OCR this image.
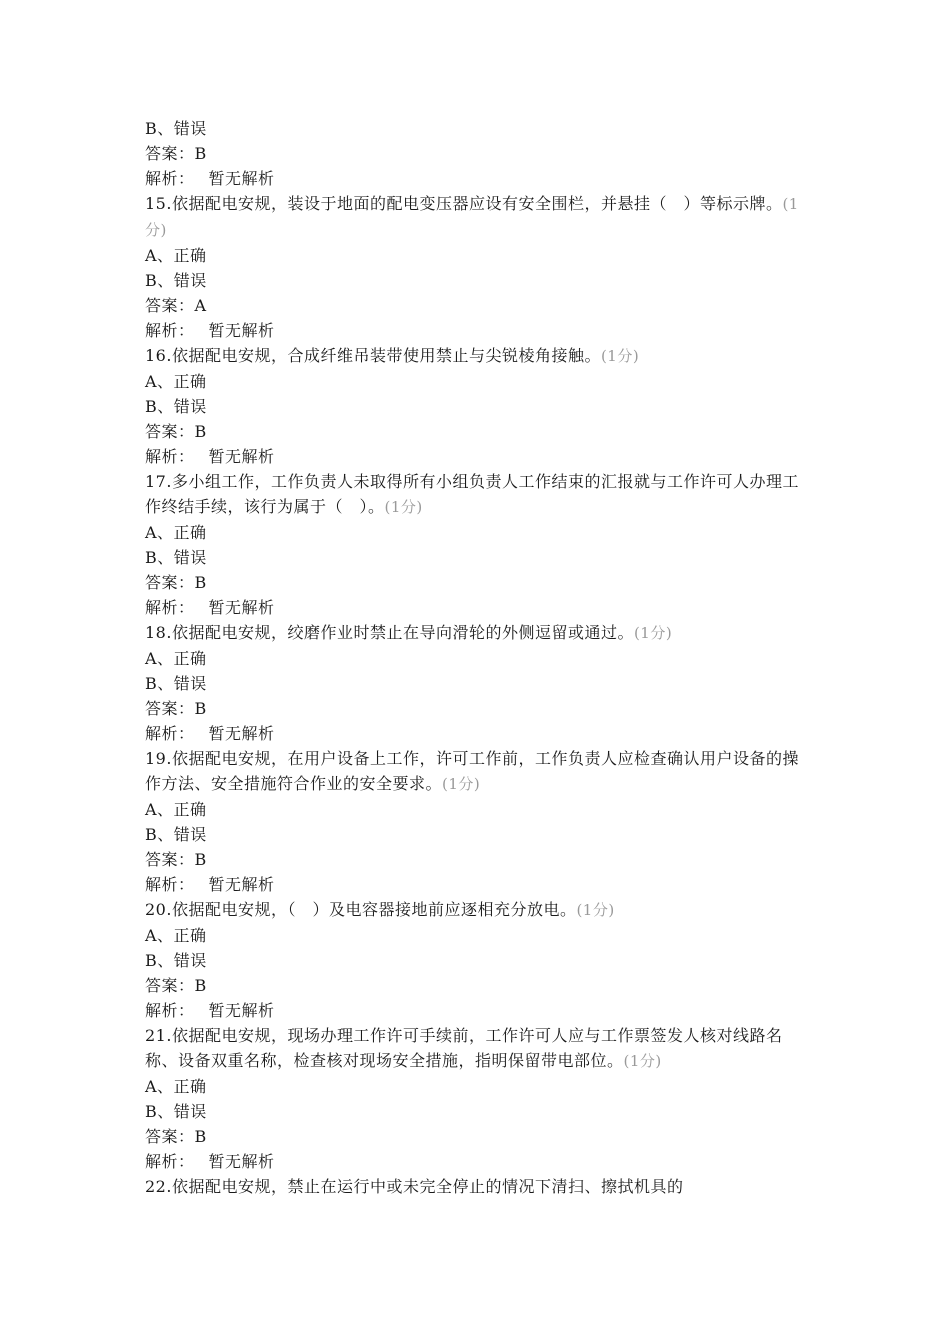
B、错误
答案：B
解析： 暂无解析
15.依据配电安规，装设于地面的配电变压器应设有安全围栏，并悬挂（　）等标示牌。(1分)
A、正确
B、错误
答案：A
解析： 暂无解析
16.依据配电安规，合成纤维吊装带使用禁止与尖锐棱角接触。(1分)
A、正确
B、错误
答案：B
解析： 暂无解析
17.多小组工作，工作负责人未取得所有小组负责人工作结束的汇报就与工作许可人办理工作终结手续，该行为属于（　）。(1分)
A、正确
B、错误
答案：B
解析： 暂无解析
18.依据配电安规，绞磨作业时禁止在导向滑轮的外侧逗留或通过。(1分)
A、正确
B、错误
答案：B
解析： 暂无解析
19.依据配电安规，在用户设备上工作，许可工作前，工作负责人应检查确认用户设备的操作方法、安全措施符合作业的安全要求。(1分)
A、正确
B、错误
答案：B
解析： 暂无解析
20.依据配电安规，（　）及电容器接地前应逐相充分放电。(1分)
A、正确
B、错误
答案：B
解析： 暂无解析
21.依据配电安规，现场办理工作许可手续前，工作许可人应与工作票签发人核对线路名称、设备双重名称，检查核对现场安全措施，指明保留带电部位。(1分)
A、正确
B、错误
答案：B
解析： 暂无解析
22.依据配电安规，禁止在运行中或未完全停止的情况下清扫、擦拭机具的
